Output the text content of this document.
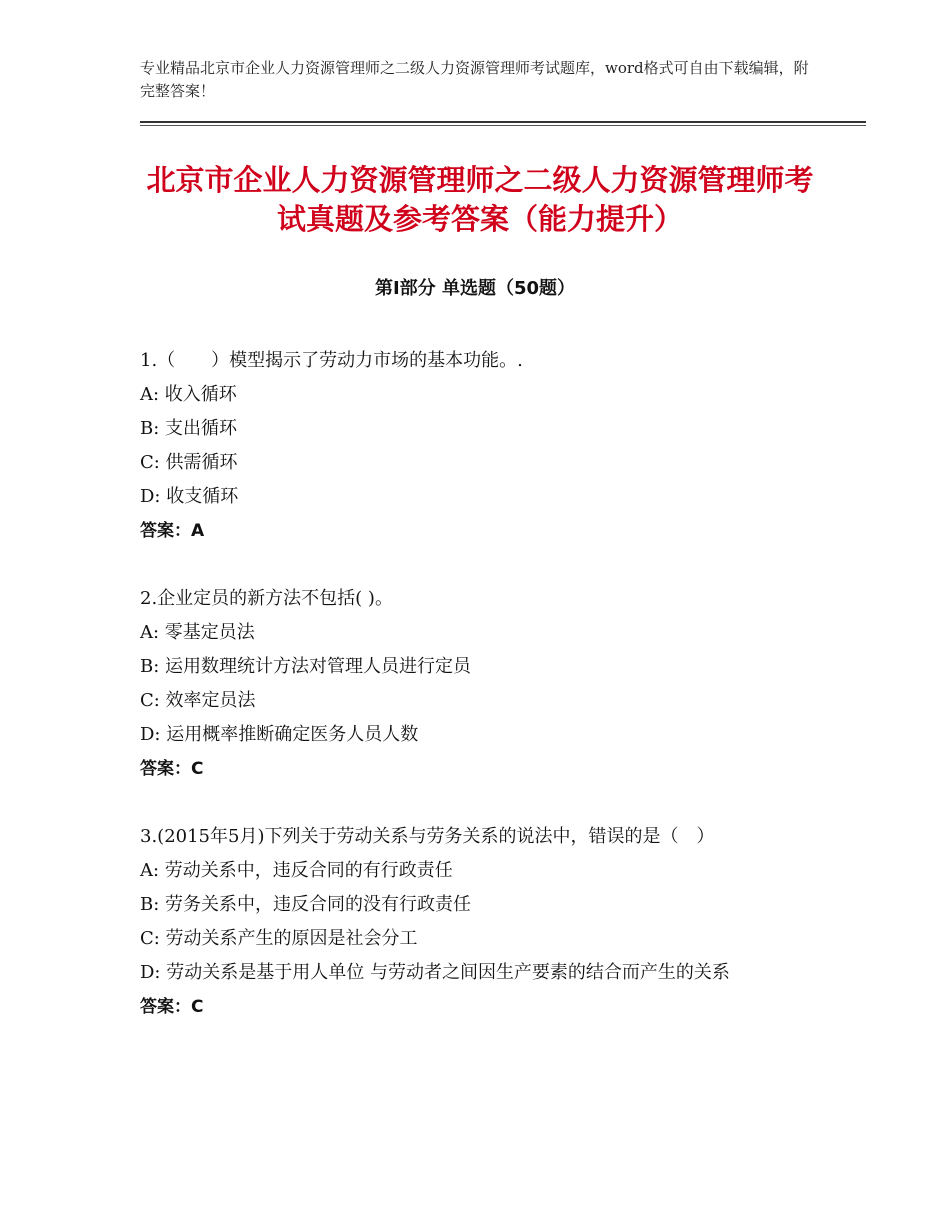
专业精品北京市企业人力资源管理师之二级人力资源管理师考试题库，word格式可自由下载编辑，附完整答案！
北京市企业人力资源管理师之二级人力资源管理师考试真题及参考答案（能力提升）
第Ⅰ部分 单选题（50题）
1.（　　）模型揭示了劳动力市场的基本功能。.
A: 收入循环
B: 支出循环
C: 供需循环
D: 收支循环
答案：A
2.企业定员的新方法不包括( )。
A: 零基定员法
B: 运用数理统计方法对管理人员进行定员
C: 效率定员法
D: 运用概率推断确定医务人员人数
答案：C
3.(2015年5月)下列关于劳动关系与劳务关系的说法中，错误的是（　）
A: 劳动关系中，违反合同的有行政责任
B: 劳务关系中，违反合同的没有行政责任
C: 劳动关系产生的原因是社会分工
D: 劳动关系是基于用人单位 与劳动者之间因生产要素的结合而产生的关系
答案：C
